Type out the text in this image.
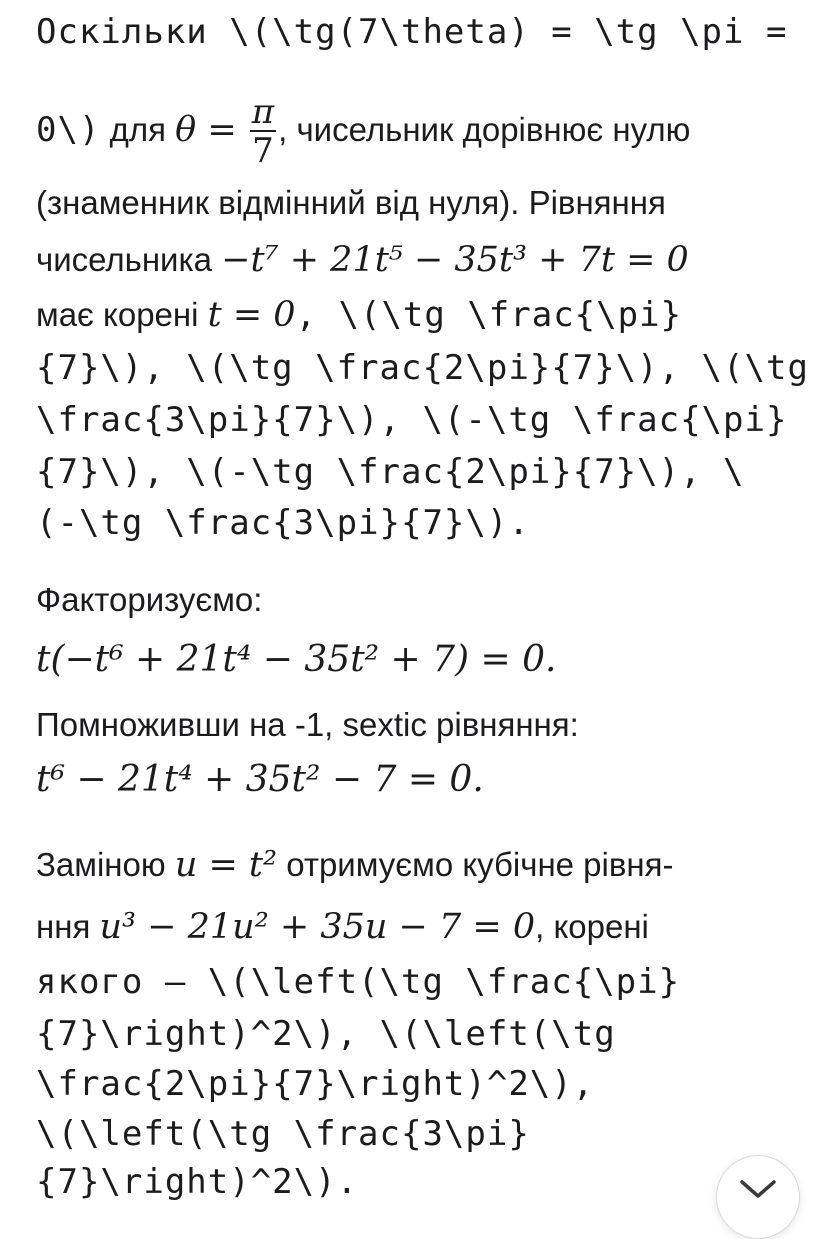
Оскільки \(\tg(7\theta) = \tg \pi =
0\) для $\theta = \frac{\pi}{7}$ , чисельник дорівнює нулю
(знаменник відмінний від нуля). Рівняння
чисельника −t⁷ + 21t⁵ − 35t³ + 7t = 0
має корені t = 0, \(\tg \frac{\pi}
{7}\), \(\tg \frac{2\pi}{7}\), \(\tg
\frac{3\pi}{7}\), \(-\tg \frac{\pi}
{7}\), \(-\tg \frac{2\pi}{7}\), \
(-\tg \frac{3\pi}{7}\).
Факторизуємо:
t(−t⁶ + 21t⁴ − 35t² + 7) = 0.
Помноживши на -1, sextic рівняння:
t⁶ − 21t⁴ + 35t² − 7 = 0.
Заміною u = t² отримуємо кубічне рівня-
ння u³ − 21u² + 35u − 7 = 0, корені
якого — \(\left(\tg \frac{\pi}
{7}\right)^2\), \(\left(\tg
\frac{2\pi}{7}\right)^2\),
\(\left(\tg \frac{3\pi}
{7}\right)^2\).
